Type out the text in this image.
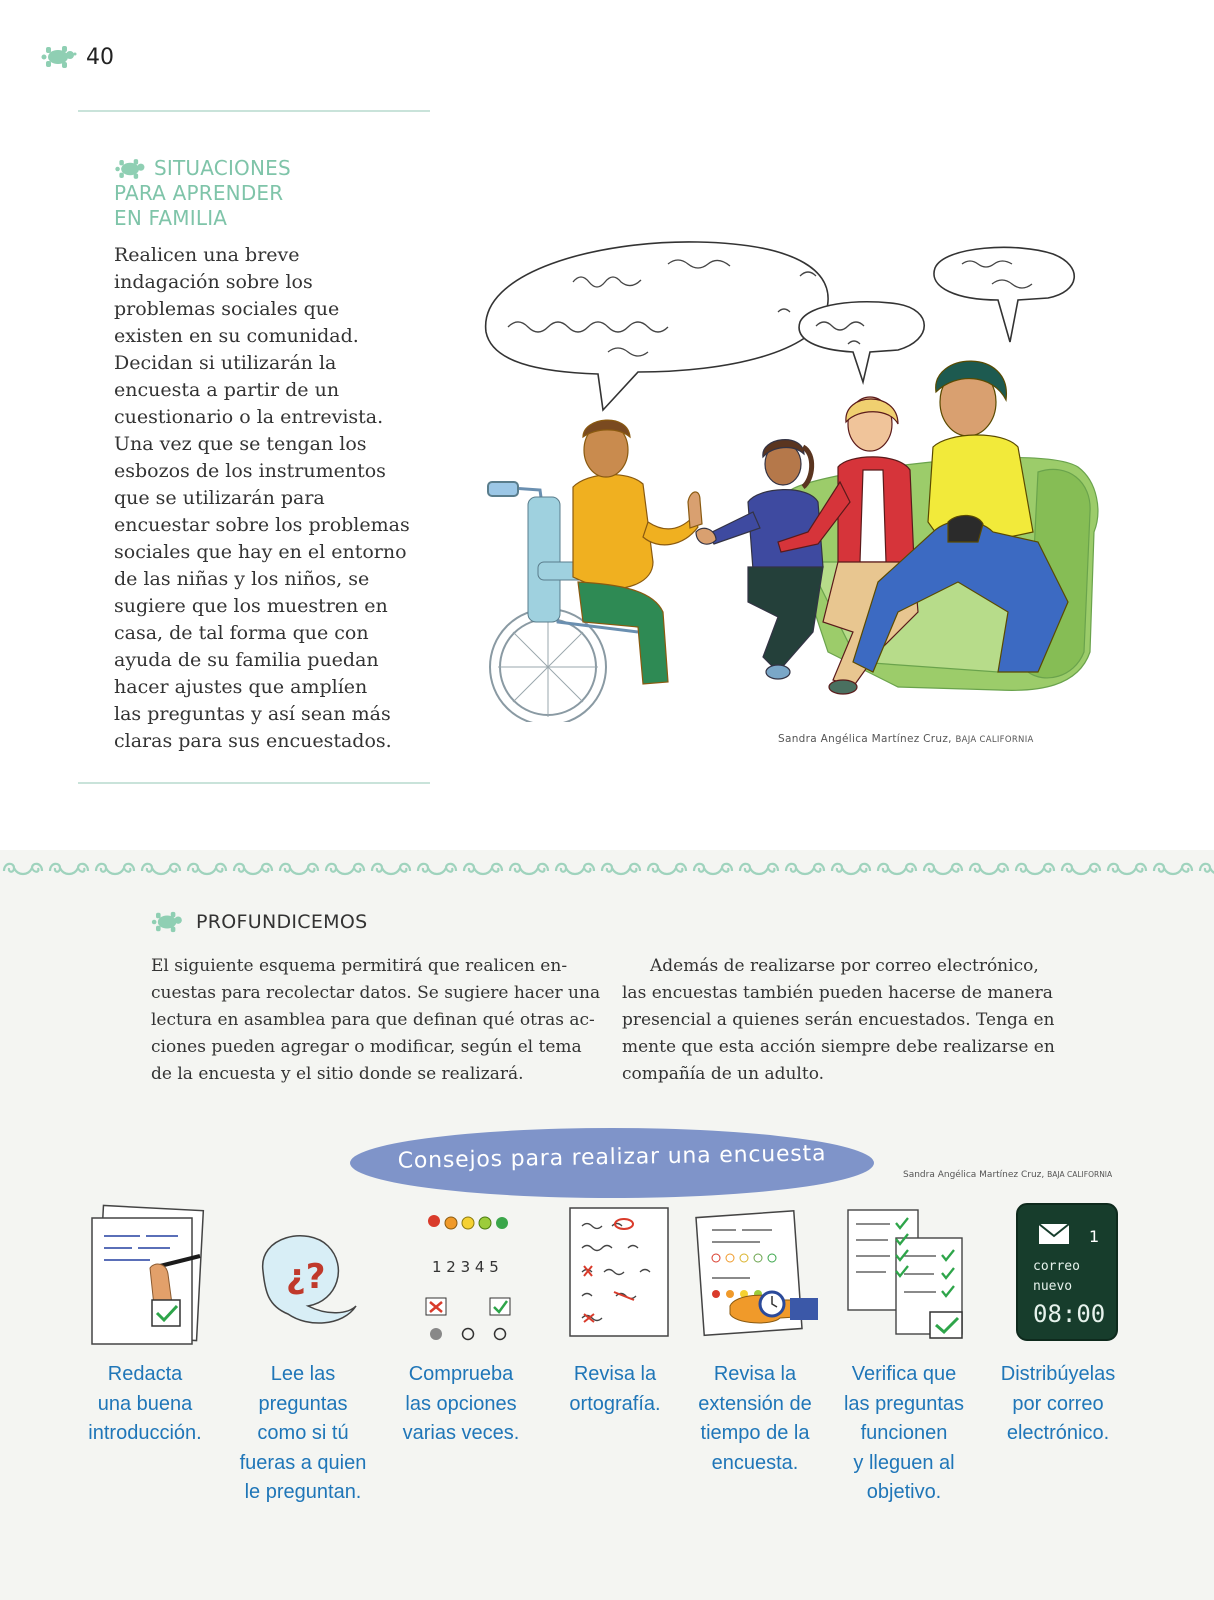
40
SITUACIONES
PARA APRENDER
EN FAMILIA
Realicen una breve
indagación sobre los
problemas sociales que
existen en su comunidad.
Decidan si utilizarán la
encuesta a partir de un
cuestionario o la entrevista.
Una vez que se tengan los
esbozos de los instrumentos
que se utilizarán para
encuestar sobre los problemas
sociales que hay en el entorno
de las niñas y los niños, se
sugiere que los muestren en
casa, de tal forma que con
ayuda de su familia puedan
hacer ajustes que amplíen
las preguntas y así sean más
claras para sus encuestados.	Sandra Angélica Martínez Cruz, BAJA CALIFORNIA
PROFUNDICEMOS
El siguiente esquema permitirá que realicen en-
cuestas para recolectar datos. Se sugiere hacer una
lectura en asamblea para que definan qué otras ac-
ciones pueden agregar o modificar, según el tema
de la encuesta y el sitio donde se realizará.
Además de realizarse por correo electrónico,
las encuestas también pueden hacerse de manera
presencial a quienes serán encuestados. Tenga en
mente que esta acción siempre debe realizarse en
compañía de un adulto.
Consejos para realizar una encuesta
Sandra Angélica Martínez Cruz, BAJA CALIFORNIA
Redacta
una buena
introducción.
¿?
Lee las
preguntas
como si tú
fueras a quien
le preguntan.
1 2 3 4 5
Comprueba
las opciones
varias veces.
Revisa la
ortografía.
Revisa la
extensión de
tiempo de la
encuesta.
Verifica que
las preguntas
funcionen
y lleguen al
objetivo.
1
correo
nuevo
08:00
Distribúyelas
por correo
electrónico.
